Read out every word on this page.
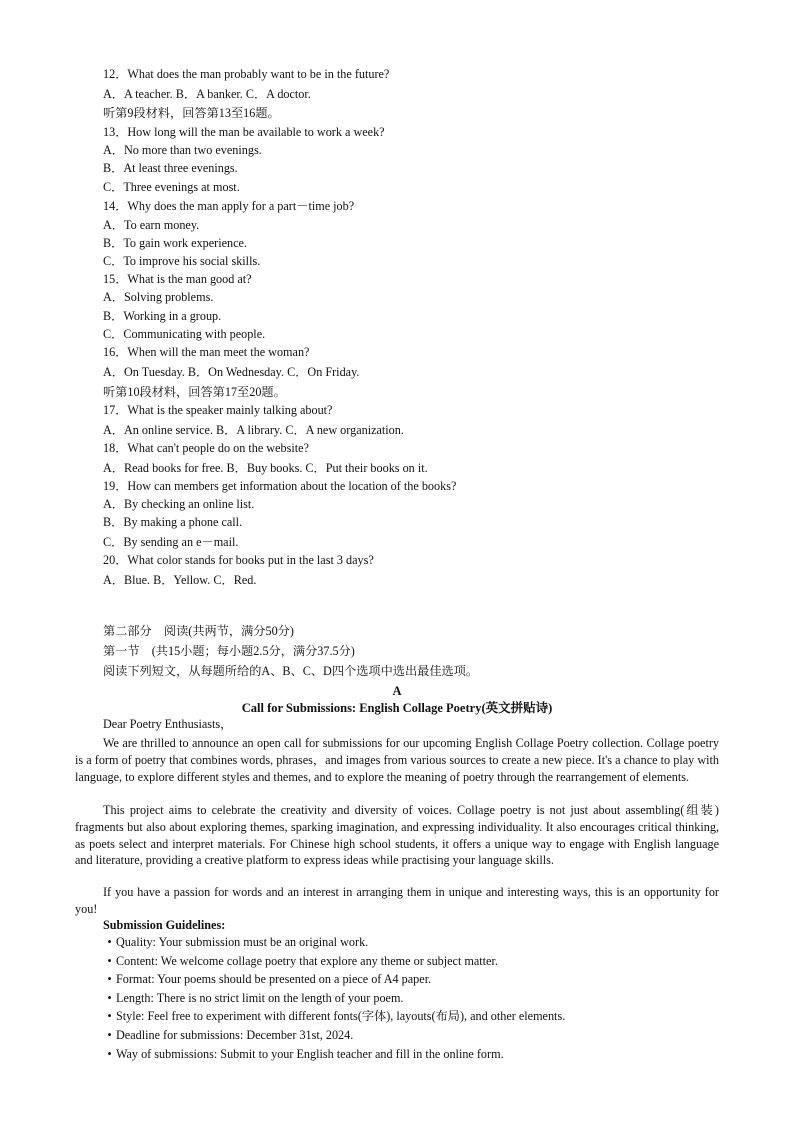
12．What does the man probably want to be in the future?
A．A teacher. B．A banker. C．A doctor.
听第9段材料，回答第13至16题。
13．How long will the man be available to work a week?
A．No more than two evenings.
B．At least three evenings.
C．Three evenings at most.
14．Why does the man apply for a part－time job?
A．To earn money.
B．To gain work experience.
C．To improve his social skills.
15．What is the man good at?
A．Solving problems.
B．Working in a group.
C．Communicating with people.
16．When will the man meet the woman?
A．On Tuesday. B．On Wednesday. C．On Friday.
听第10段材料，回答第17至20题。
17．What is the speaker mainly talking about?
A．An online service. B．A library. C．A new organization.
18．What can't people do on the website?
A．Read books for free. B．Buy books. C．Put their books on it.
19．How can members get information about the location of the books?
A．By checking an online list.
B．By making a phone call.
C．By sending an e－mail.
20．What color stands for books put in the last 3 days?
A．Blue. B．Yellow. C．Red.
第二部分　阅读(共两节，满分50分)
第一节　(共15小题；每小题2.5分，满分37.5分)
阅读下列短文，从每题所给的A、B、C、D四个选项中选出最佳选项。
A
Call for Submissions: English Collage Poetry(英文拼贴诗)
Dear Poetry Enthusiasts，
We are thrilled to announce an open call for submissions for our upcoming English Collage Poetry collection. Collage poetry is a form of poetry that combines words, phrases，and images from various sources to create a new piece. It's a chance to play with language, to explore different styles and themes, and to explore the meaning of poetry through the rearrangement of elements.
This project aims to celebrate the creativity and diversity of voices. Collage poetry is not just about assembling(组装) fragments but also about exploring themes, sparking imagination, and expressing individuality. It also encourages critical thinking, as poets select and interpret materials. For Chinese high school students, it offers a unique way to engage with English language and literature, providing a creative platform to express ideas while practising your language skills.
If you have a passion for words and an interest in arranging them in unique and interesting ways, this is an opportunity for you!
Submission Guidelines:
• Quality: Your submission must be an original work.
• Content: We welcome collage poetry that explore any theme or subject matter.
• Format: Your poems should be presented on a piece of A4 paper.
• Length: There is no strict limit on the length of your poem.
• Style: Feel free to experiment with different fonts(字体), layouts(布局), and other elements.
• Deadline for submissions: December 31st, 2024.
• Way of submissions: Submit to your English teacher and fill in the online form.
